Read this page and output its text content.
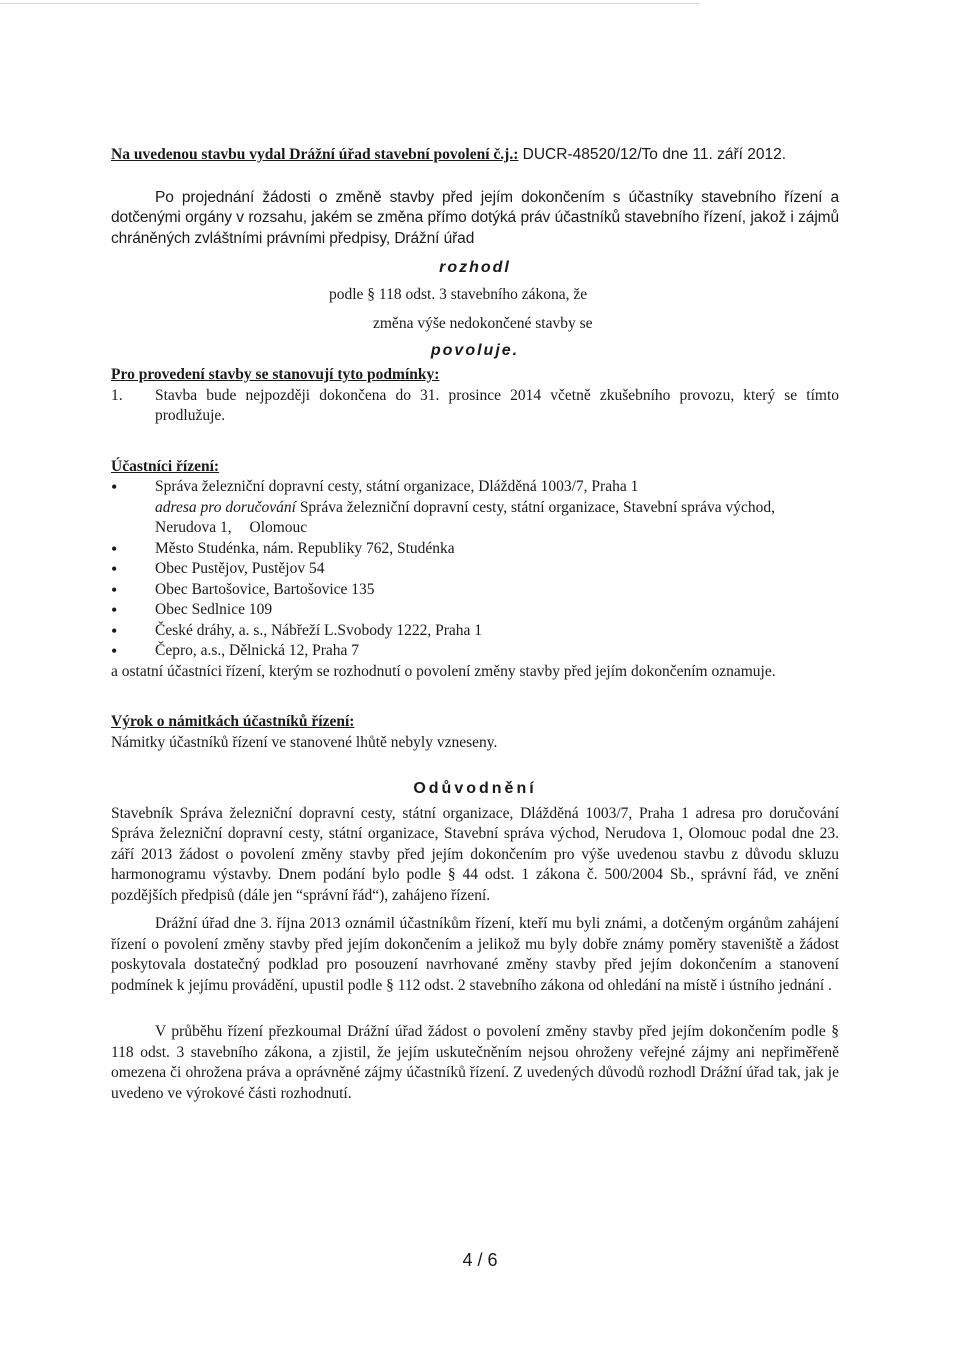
Na uvedenou stavbu vydal Drážní úřad stavební povolení č.j.: DUCR-48520/12/To dne 11. září 2012.

Po projednání žádosti o změně stavby před jejím dokončením s účastníky stavebního řízení a dotčenými orgány v rozsahu, jakém se změna přímo dotýká práv účastníků stavebního řízení, jakož i zájmů chráněných zvláštními právními předpisy, Drážní úřad

rozhodl

podle § 118 odst. 3 stavebního zákona, že

změna výše nedokončené stavby se

povoluje.

Pro provedení stavby se stanovují tyto podmínky:

1. Stavba bude nejpozději dokončena do 31. prosince 2014 včetně zkušebního provozu, který se tímto prodlužuje.

Účastníci řízení:

• Správa železniční dopravní cesty, státní organizace, Dlážděná 1003/7, Praha 1
adresa pro doručování Správa železniční dopravní cesty, státní organizace, Stavební správa východ, Nerudova 1, Olomouc
• Město Studénka, nám. Republiky 762, Studénka
• Obec Pustějov, Pustějov 54
• Obec Bartošovice, Bartošovice 135
• Obec Sedlnice 109
• České dráhy, a. s., Nábřeží L.Svobody 1222, Praha 1
• Čepro, a.s., Dělnická 12, Praha 7

a ostatní účastníci řízení, kterým se rozhodnutí o povolení změny stavby před jejím dokončením oznamuje.

Výrok o námitkách účastníků řízení:

Námitky účastníků řízení ve stanovené lhůtě nebyly vzneseny.

Odůvodnění

Stavebník Správa železniční dopravní cesty, státní organizace, Dlážděná 1003/7, Praha 1 adresa pro doručování Správa železniční dopravní cesty, státní organizace, Stavební správa východ, Nerudova 1, Olomouc podal dne 23. září 2013 žádost o povolení změny stavby před jejím dokončením pro výše uvedenou stavbu z důvodu skluzu harmonogramu výstavby. Dnem podání bylo podle § 44 odst. 1 zákona č. 500/2004 Sb., správní řád, ve znění pozdějších předpisů (dále jen “správní řád“), zahájeno řízení.

Drážní úřad dne 3. října 2013 oznámil účastníkům řízení, kteří mu byli známi, a dotčeným orgánům zahájení řízení o povolení změny stavby před jejím dokončením a jelikož mu byly dobře známy poměry staveniště a žádost poskytovala dostatečný podklad pro posouzení navrhované změny stavby před jejím dokončením a stanovení podmínek k jejímu provádění, upustil podle § 112 odst. 2 stavebního zákona od ohledání na místě i ústního jednání .

V průběhu řízení přezkoumal Drážní úřad žádost o povolení změny stavby před jejím dokončením podle § 118 odst. 3 stavebního zákona, a zjistil, že jejím uskutečněním nejsou ohroženy veřejné zájmy ani nepřiměřeně omezena či ohrožena práva a oprávněné zájmy účastníků řízení. Z uvedených důvodů rozhodl Drážní úřad tak, jak je uvedeno ve výrokové části rozhodnutí.

4 / 6
